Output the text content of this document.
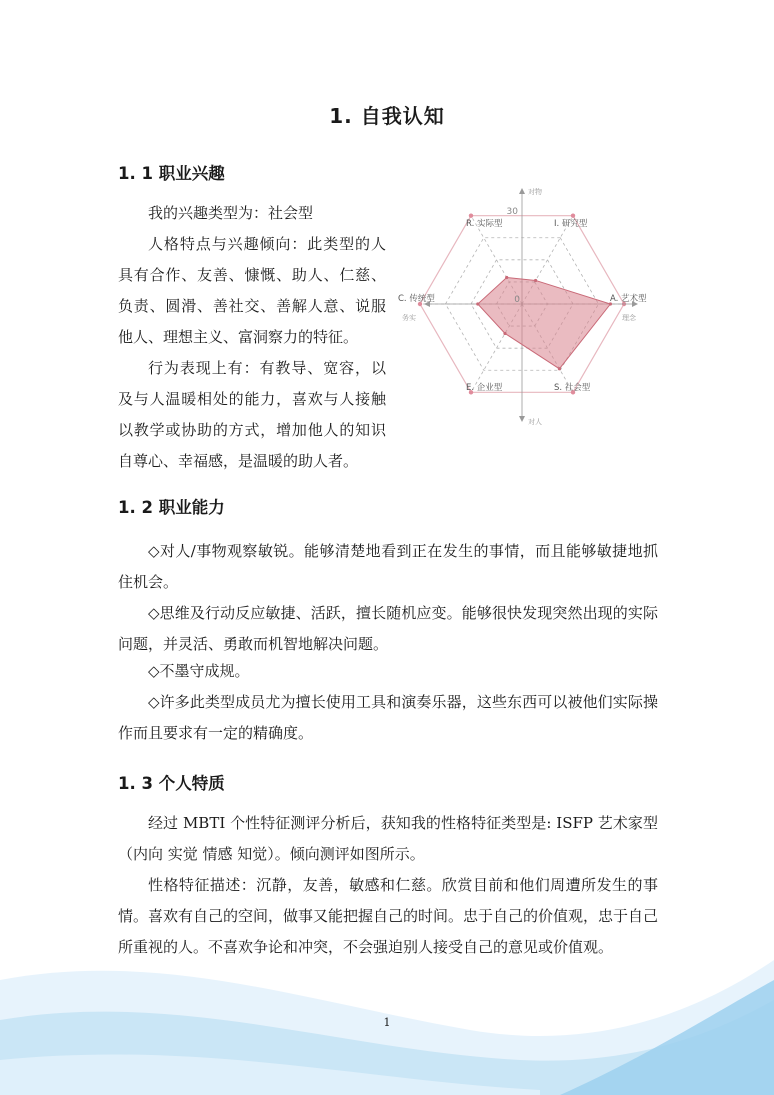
1. 自我认知
1. 1 职业兴趣

我的兴趣类型为：社会型

人格特点与兴趣倾向：此类型的人具有合作、友善、慷慨、助人、仁慈、负责、圆滑、善社交、善解人意、说服他人、理想主义、富洞察力的特征。

行为表现上有：有教导、宽容，以及与人温暖相处的能力，喜欢与人接触以教学或协助的方式，增加他人的知识自尊心、幸福感，是温暖的助人者。

I. 研究型
A. 艺术型
S. 社会型
E. 企业型
C. 传统型
R. 实际型
对物
对人
务实	理念
0
30
1. 2 职业能力

◇对人/事物观察敏锐。能够清楚地看到正在发生的事情，而且能够敏捷地抓住机会。

◇思维及行动反应敏捷、活跃，擅长随机应变。能够很快发现突然出现的实际问题，并灵活、勇敢而机智地解决问题。

◇不墨守成规。

◇许多此类型成员尤为擅长使用工具和演奏乐器，这些东西可以被他们实际操作而且要求有一定的精确度。

1. 3 个人特质

经过 MBTI 个性特征测评分析后，获知我的性格特征类型是: ISFP 艺术家型（内向 实觉 情感 知觉）。倾向测评如图所示。

性格特征描述：沉静，友善，敏感和仁慈。欣赏目前和他们周遭所发生的事情。喜欢有自己的空间，做事又能把握自己的时间。忠于自己的价值观，忠于自己所重视的人。不喜欢争论和冲突，不会强迫别人接受自己的意见或价值观。

1
